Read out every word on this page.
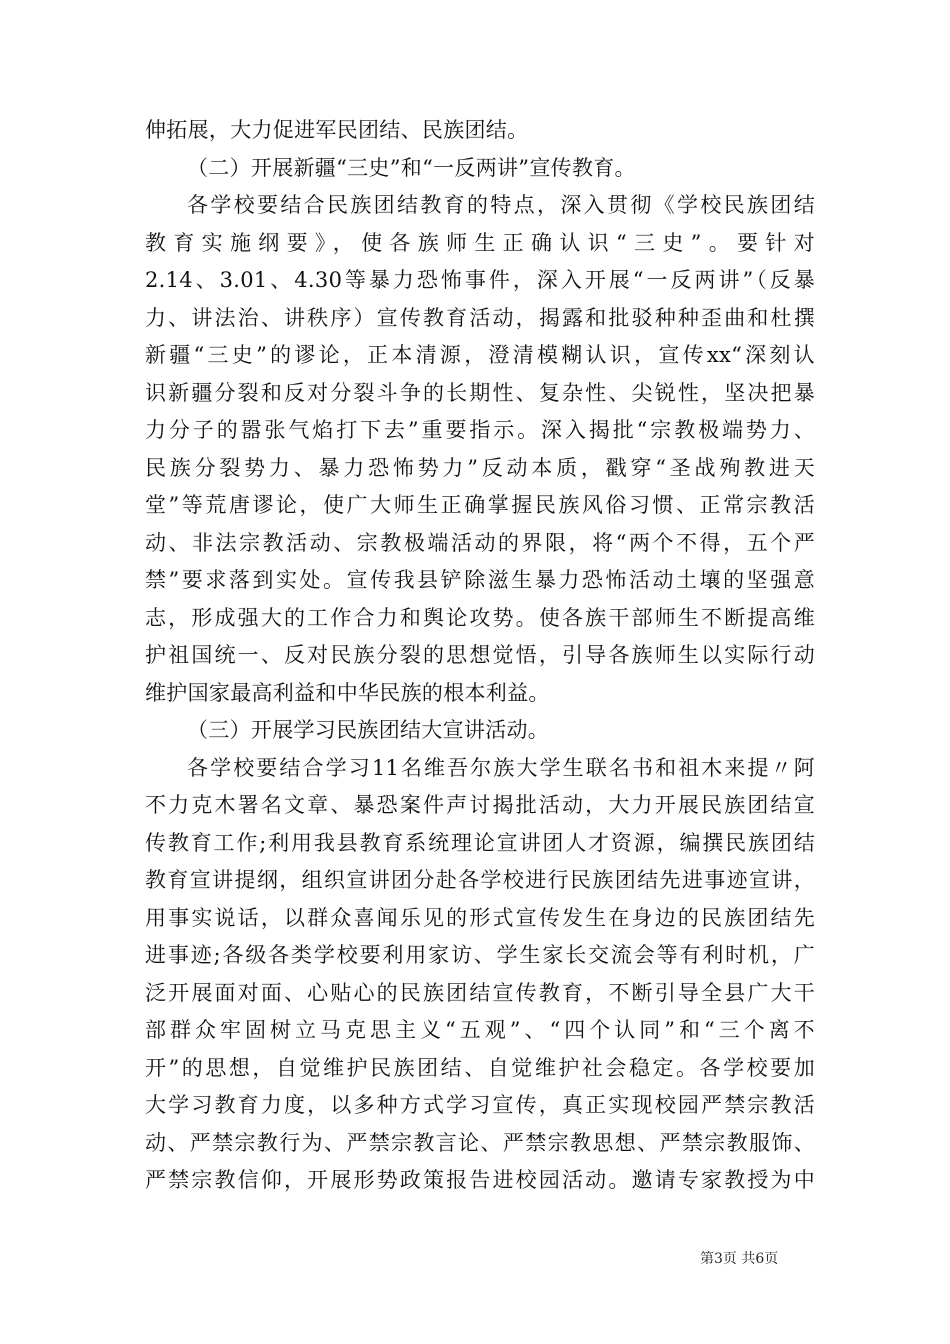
伸拓展，大力促进军民团结、民族团结。
（二）开展新疆“三史”和“一反两讲”宣传教育。
各学校要结合民族团结教育的特点，深入贯彻《学校民族团结
教育实施纲要》，使各族师生正确认识“三史”。要针对
2.14、3.01、4.30等暴力恐怖事件，深入开展“一反两讲”（反暴
力、讲法治、讲秩序）宣传教育活动，揭露和批驳种种歪曲和杜撰
新疆“三史”的谬论，正本清源，澄清模糊认识，宣传xx“深刻认
识新疆分裂和反对分裂斗争的长期性、复杂性、尖锐性，坚决把暴
力分子的嚣张气焰打下去”重要指示。深入揭批“宗教极端势力、
民族分裂势力、暴力恐怖势力”反动本质，戳穿“圣战殉教进天
堂”等荒唐谬论，使广大师生正确掌握民族风俗习惯、正常宗教活
动、非法宗教活动、宗教极端活动的界限，将“两个不得，五个严
禁”要求落到实处。宣传我县铲除滋生暴力恐怖活动土壤的坚强意
志，形成强大的工作合力和舆论攻势。使各族干部师生不断提高维
护祖国统一、反对民族分裂的思想觉悟，引导各族师生以实际行动
维护国家最高利益和中华民族的根本利益。
（三）开展学习民族团结大宣讲活动。
各学校要结合学习11名维吾尔族大学生联名书和祖木来提〃阿
不力克木署名文章、暴恐案件声讨揭批活动，大力开展民族团结宣
传教育工作;利用我县教育系统理论宣讲团人才资源，编撰民族团结
教育宣讲提纲，组织宣讲团分赴各学校进行民族团结先进事迹宣讲，
用事实说话，以群众喜闻乐见的形式宣传发生在身边的民族团结先
进事迹;各级各类学校要利用家访、学生家长交流会等有利时机，广
泛开展面对面、心贴心的民族团结宣传教育，不断引导全县广大干
部群众牢固树立马克思主义“五观”、“四个认同”和“三个离不
开”的思想，自觉维护民族团结、自觉维护社会稳定。各学校要加
大学习教育力度，以多种方式学习宣传，真正实现校园严禁宗教活
动、严禁宗教行为、严禁宗教言论、严禁宗教思想、严禁宗教服饰、
严禁宗教信仰，开展形势政策报告进校园活动。邀请专家教授为中
第3页 共6页
